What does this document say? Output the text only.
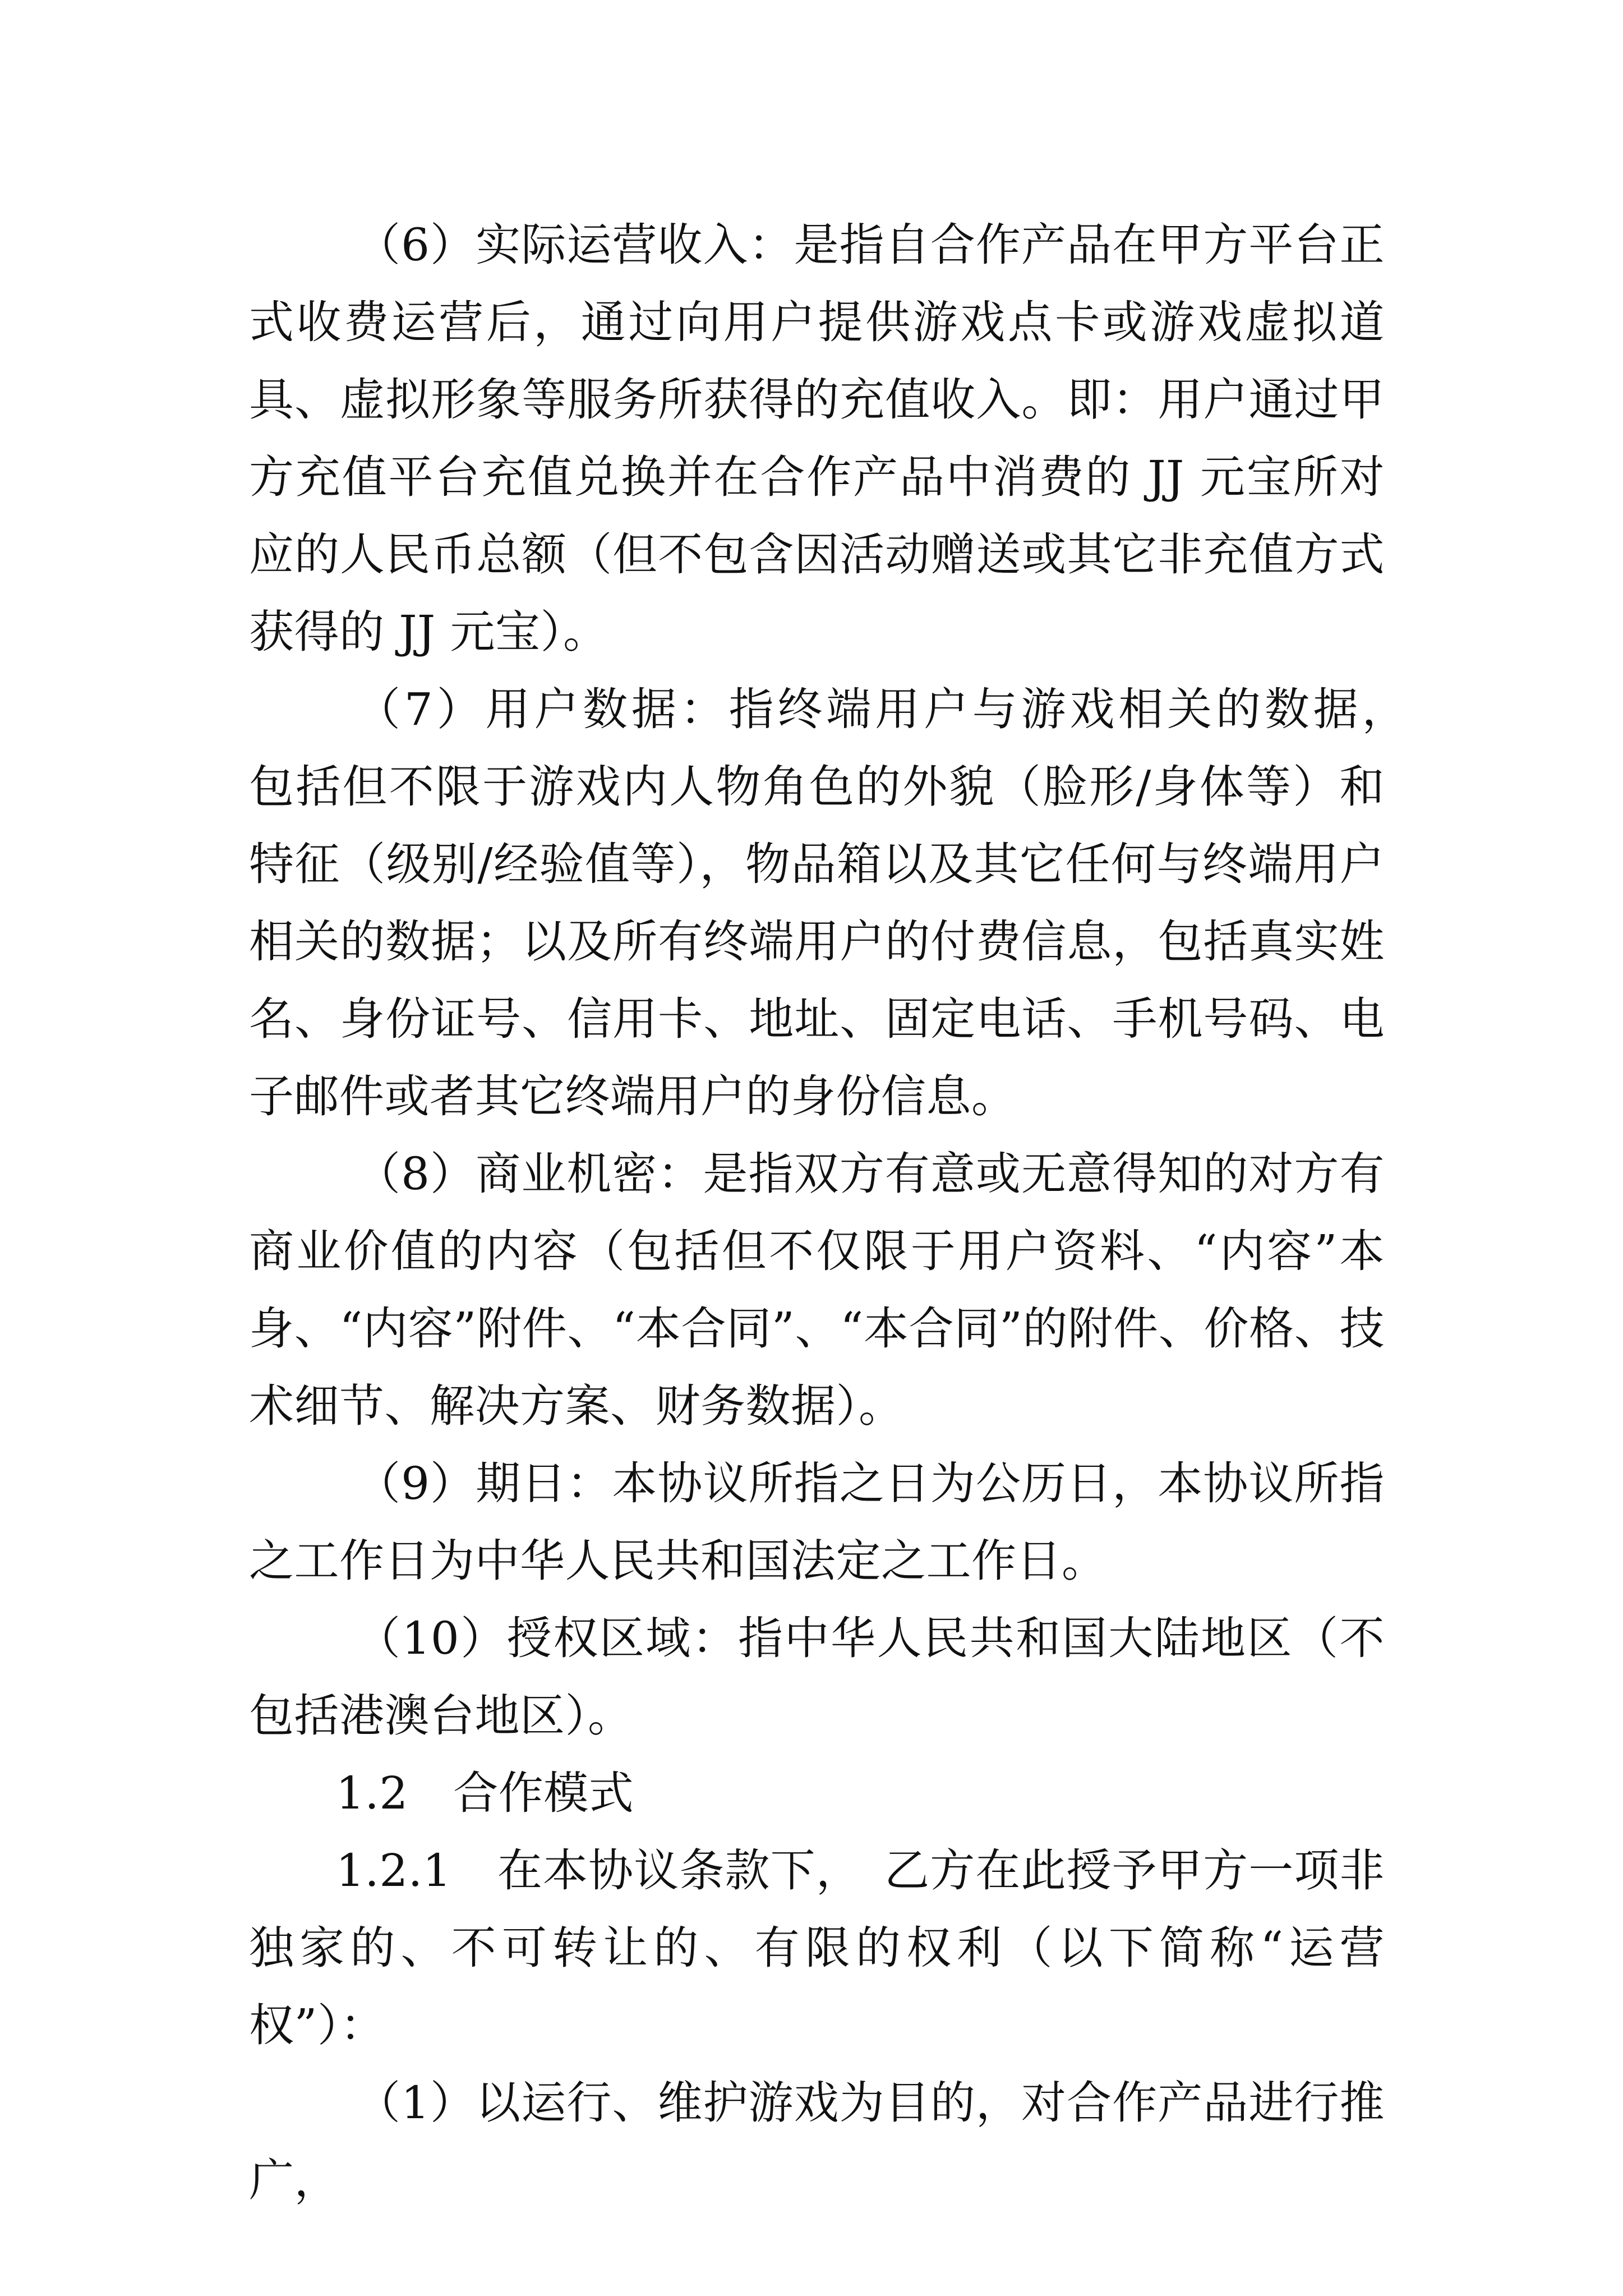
（6）实际运营收入：是指自合作产品在甲方平台正式收费运营后，通过向用户提供游戏点卡或游戏虚拟道具、虚拟形象等服务所获得的充值收入。即：用户通过甲方充值平台充值兑换并在合作产品中消费的 JJ 元宝所对应的人民币总额（但不包含因活动赠送或其它非充值方式获得的 JJ 元宝）。

（7）用户数据：指终端用户与游戏相关的数据，　包括但不限于游戏内人物角色的外貌（脸形/身体等）和特征（级别/经验值等），物品箱以及其它任何与终端用户相关的数据；以及所有终端用户的付费信息，包括真实姓名、身份证号、信用卡、地址、固定电话、手机号码、电子邮件或者其它终端用户的身份信息。

（8）商业机密：是指双方有意或无意得知的对方有商业价值的内容（包括但不仅限于用户资料、“内容”本身、“内容”附件、“本合同”、“本合同”的附件、价格、技术细节、解决方案、财务数据）。

（9）期日：本协议所指之日为公历日，本协议所指之工作日为中华人民共和国法定之工作日。

（10）授权区域：指中华人民共和国大陆地区（不包括港澳台地区）。

1.2　合作模式

1.2.1　在本协议条款下，　乙方在此授予甲方一项非独家的、不可转让的、有限的权利（以下简称“运营权”）：

（1）以运行、维护游戏为目的，对合作产品进行推广，
